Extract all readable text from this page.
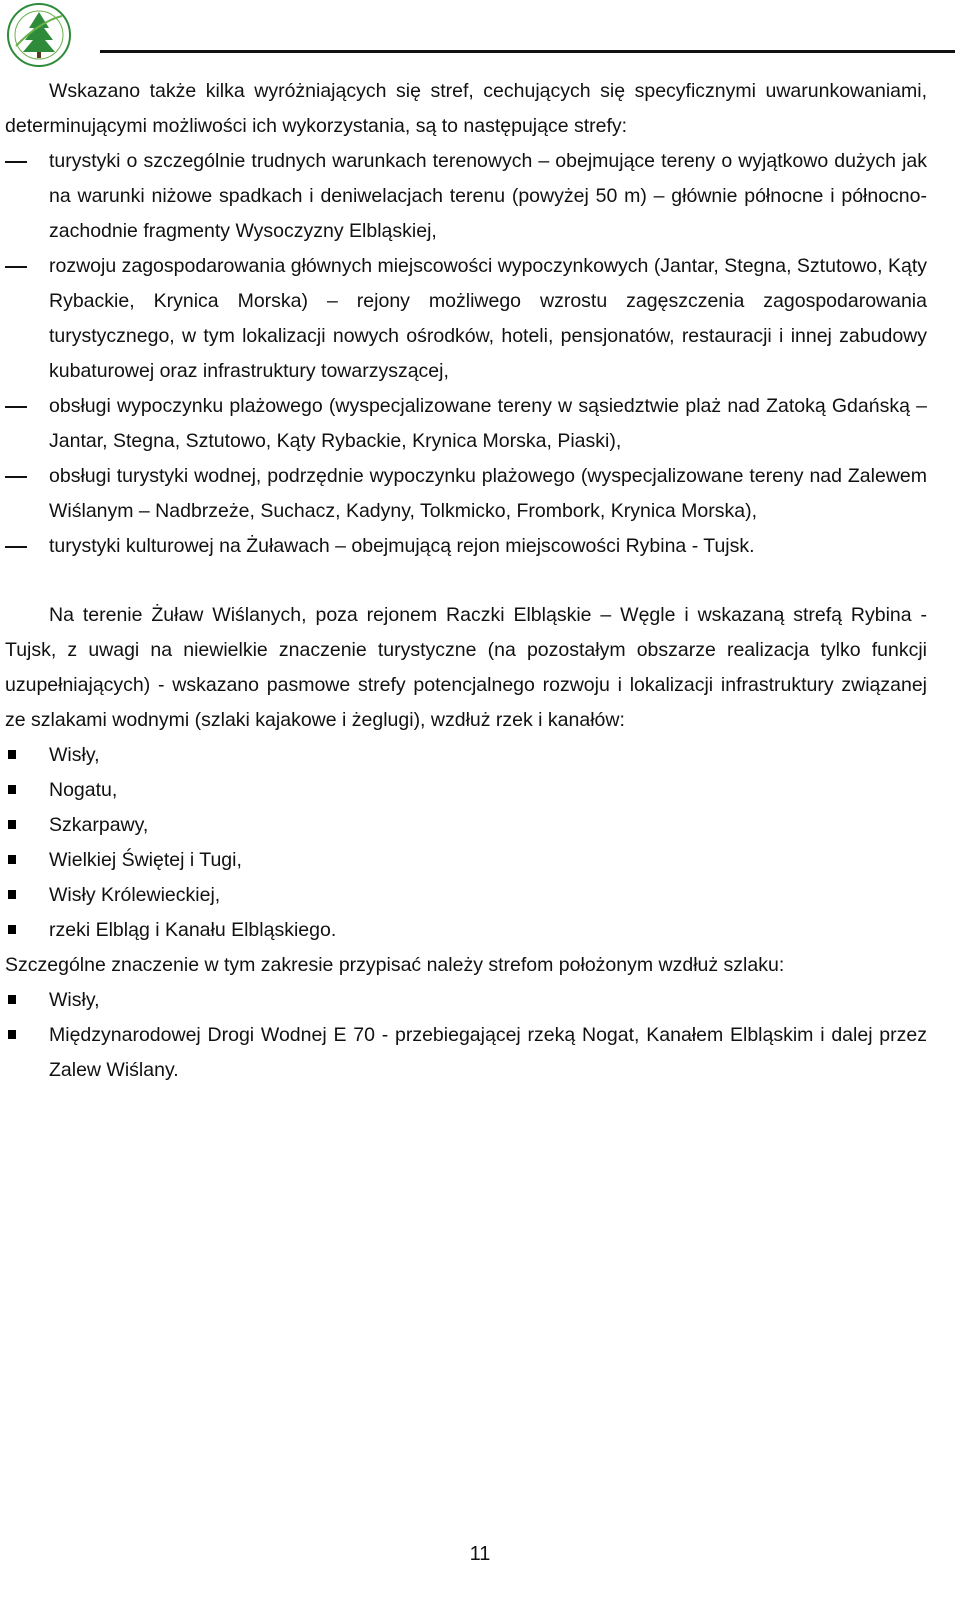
Wskazano także kilka wyróżniających się stref, cechujących się specyficznymi uwarunkowaniami, determinującymi możliwości ich wykorzystania, są to następujące strefy:

turystyki o szczególnie trudnych warunkach terenowych – obejmujące tereny o wyjątkowo dużych jak na warunki niżowe spadkach i deniwelacjach terenu (powyżej 50 m) – głównie północne i północno-zachodnie fragmenty Wysoczyzny Elbląskiej,
rozwoju zagospodarowania głównych miejscowości wypoczynkowych (Jantar, Stegna, Sztutowo, Kąty Rybackie, Krynica Morska) – rejony możliwego wzrostu zagęszczenia zagospodarowania turystycznego, w tym lokalizacji nowych ośrodków, hoteli, pensjonatów, restauracji i innej zabudowy kubaturowej oraz infrastruktury towarzyszącej,
obsługi wypoczynku plażowego (wyspecjalizowane tereny w sąsiedztwie plaż nad Zatoką Gdańską – Jantar, Stegna, Sztutowo, Kąty Rybackie, Krynica Morska, Piaski),
obsługi turystyki wodnej, podrzędnie wypoczynku plażowego (wyspecjalizowane tereny nad Zalewem Wiślanym – Nadbrzeże, Suchacz, Kadyny, Tolkmicko, Frombork, Krynica Morska),
turystyki kulturowej na Żuławach – obejmującą rejon miejscowości Rybina - Tujsk.

Na terenie Żuław Wiślanych, poza rejonem Raczki Elbląskie – Węgle i wskazaną strefą Rybina - Tujsk, z uwagi na niewielkie znaczenie turystyczne (na pozostałym obszarze realizacja tylko funkcji uzupełniających) - wskazano pasmowe strefy potencjalnego rozwoju i lokalizacji infrastruktury związanej ze szlakami wodnymi (szlaki kajakowe i żeglugi), wzdłuż rzek i kanałów:

Wisły,
Nogatu,
Szkarpawy,
Wielkiej Świętej i Tugi,
Wisły Królewieckiej,
rzeki Elbląg i Kanału Elbląskiego.

Szczególne znaczenie w tym zakresie przypisać należy strefom położonym wzdłuż szlaku:

Wisły,
Międzynarodowej Drogi Wodnej E 70 - przebiegającej rzeką Nogat, Kanałem Elbląskim i dalej przez Zalew Wiślany.
11
